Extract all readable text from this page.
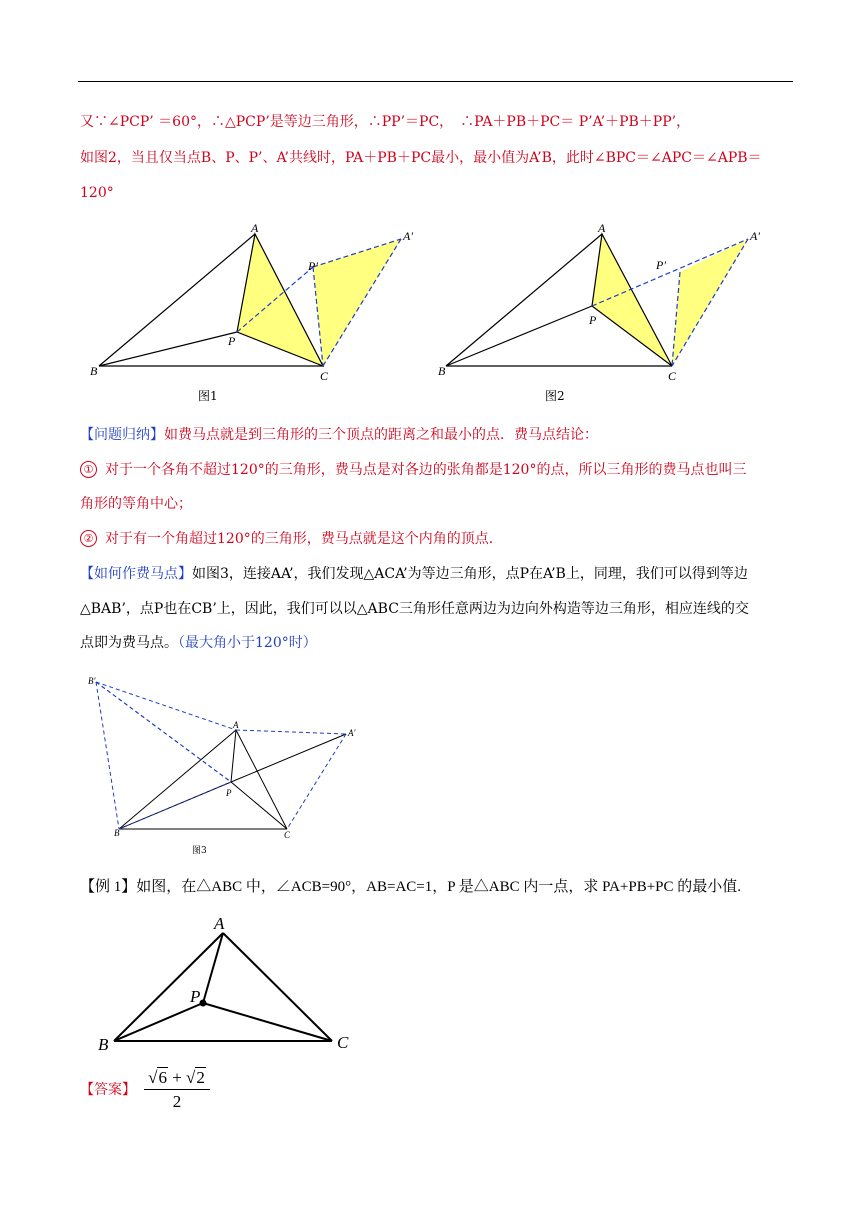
又∵∠PCP’ ＝60°，∴△PCP’是等边三角形，∴PP’＝PC，　∴PA＋PB＋PC＝ P’A’＋PB＋PP’，
如图2，当且仅当点B、P、P’、A’共线时，PA＋PB＋PC最小，最小值为A’B，此时∠BPC＝∠APC＝∠APB＝
120°
A
A'
P'
P
B	C
图1
A
A'
P'
P
B	C
图2
【问题归纳】如费马点就是到三角形的三个顶点的距离之和最小的点．费马点结论：
① 对于一个各角不超过120°的三角形，费马点是对各边的张角都是120°的点，所以三角形的费马点也叫三
角形的等角中心；
② 对于有一个角超过120°的三角形，费马点就是这个内角的顶点．
【如何作费马点】如图3，连接AA’，我们发现△ACA’为等边三角形，点P在A’B上，同理，我们可以得到等边
△BAB’，点P也在CB’上，因此，我们可以以△ABC三角形任意两边为边向外构造等边三角形，相应连线的交
点即为费马点。（最大角小于120°时）
B'
A
A'
P
B	C
图3
【例 1】如图，在△ABC 中，∠ACB=90°，AB=AC=1，P 是△ABC 内一点，求 PA+PB+PC 的最小值.
A
P
B	C
【答案】 $\frac{√6 + √2}{2}$
